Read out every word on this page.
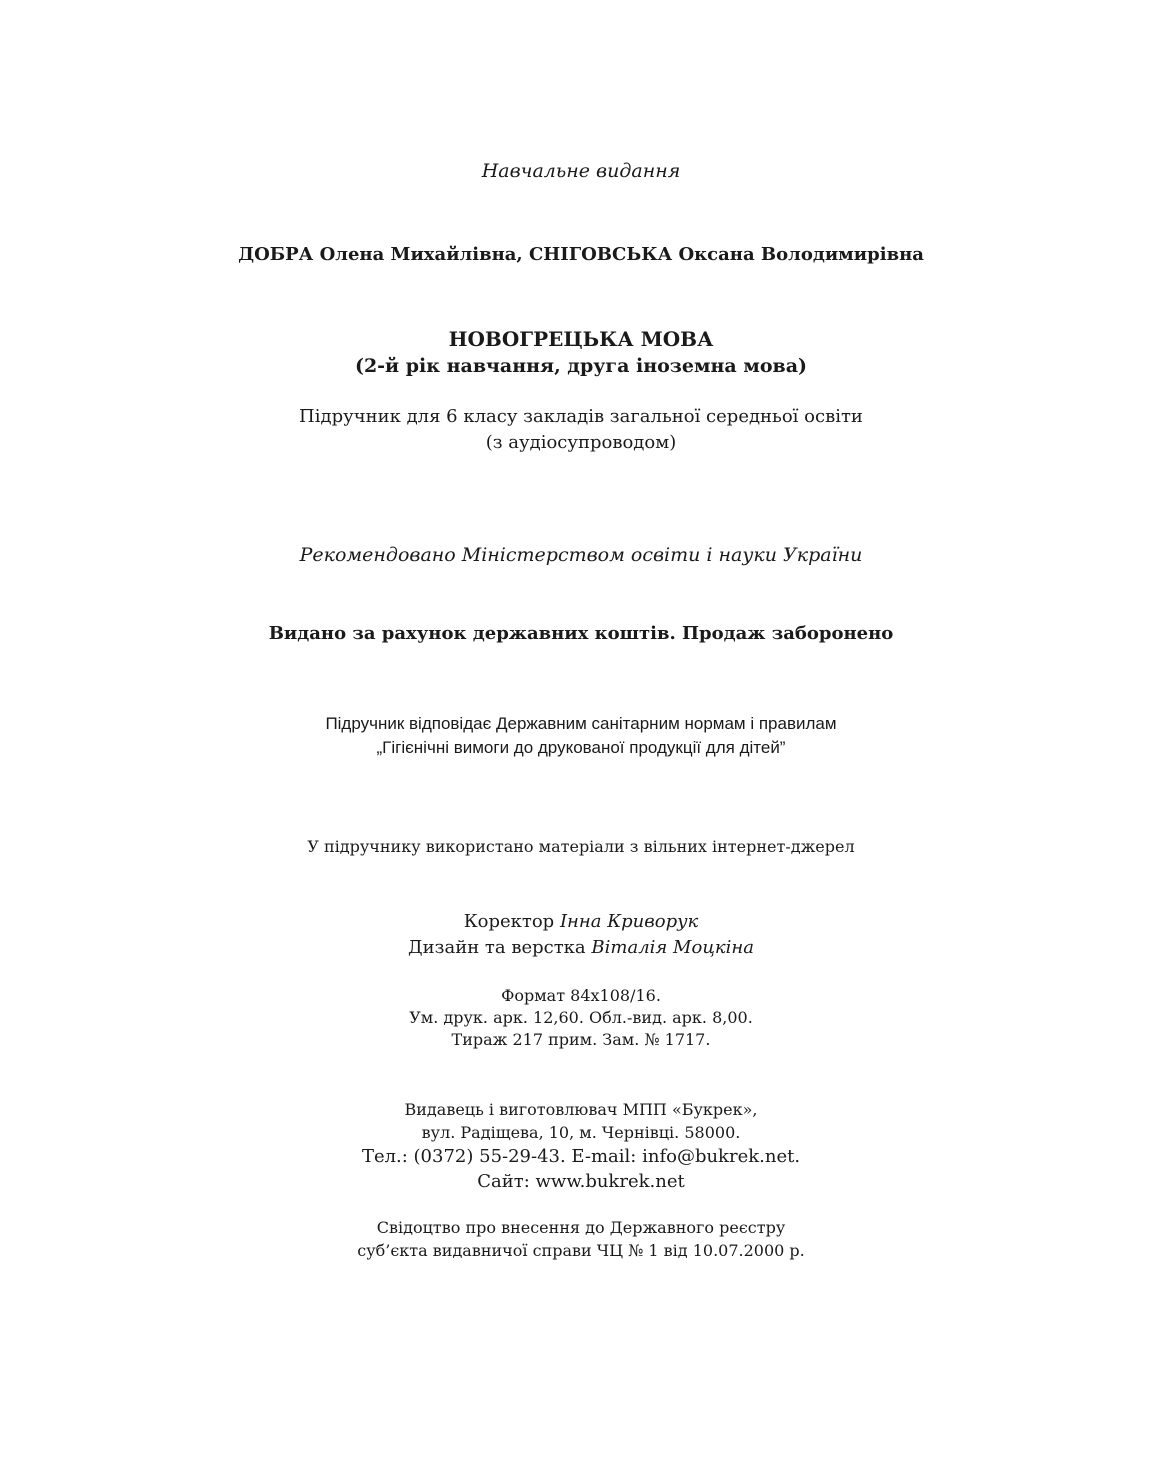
Навчальне видання
ДОБРА Олена Михайлівна, СНІГОВСЬКА Оксана Володимирівна
НОВОГРЕЦЬКА МОВА
(2-й рік навчання, друга іноземна мова)
Підручник для 6 класу закладів загальної середньої освіти
(з аудіосупроводом)
Рекомендовано Міністерством освіти і науки України
Видано за рахунок державних коштів. Продаж заборонено
Підручник відповідає Державним санітарним нормам і правилам
„Гігієнічні вимоги до друкованої продукції для дітей”
У підручнику використано матеріали з вільних інтернет-джерел
Коректор Інна Криворук
Дизайн та верстка Віталія Моцкіна
Формат 84х108/16.
Ум. друк. арк. 12,60. Обл.-вид. арк. 8,00.
Тираж 217 прим. Зам. № 1717.
Видавець і виготовлювач МПП «Букрек»,
вул. Радіщева, 10, м. Чернівці. 58000.
Тел.: (0372) 55-29-43. E-mail: info@bukrek.net.
Сайт: www.bukrek.net
Свідоцтво про внесення до Державного реєстру
суб’єкта видавничої справи ЧЦ № 1 від 10.07.2000 р.
